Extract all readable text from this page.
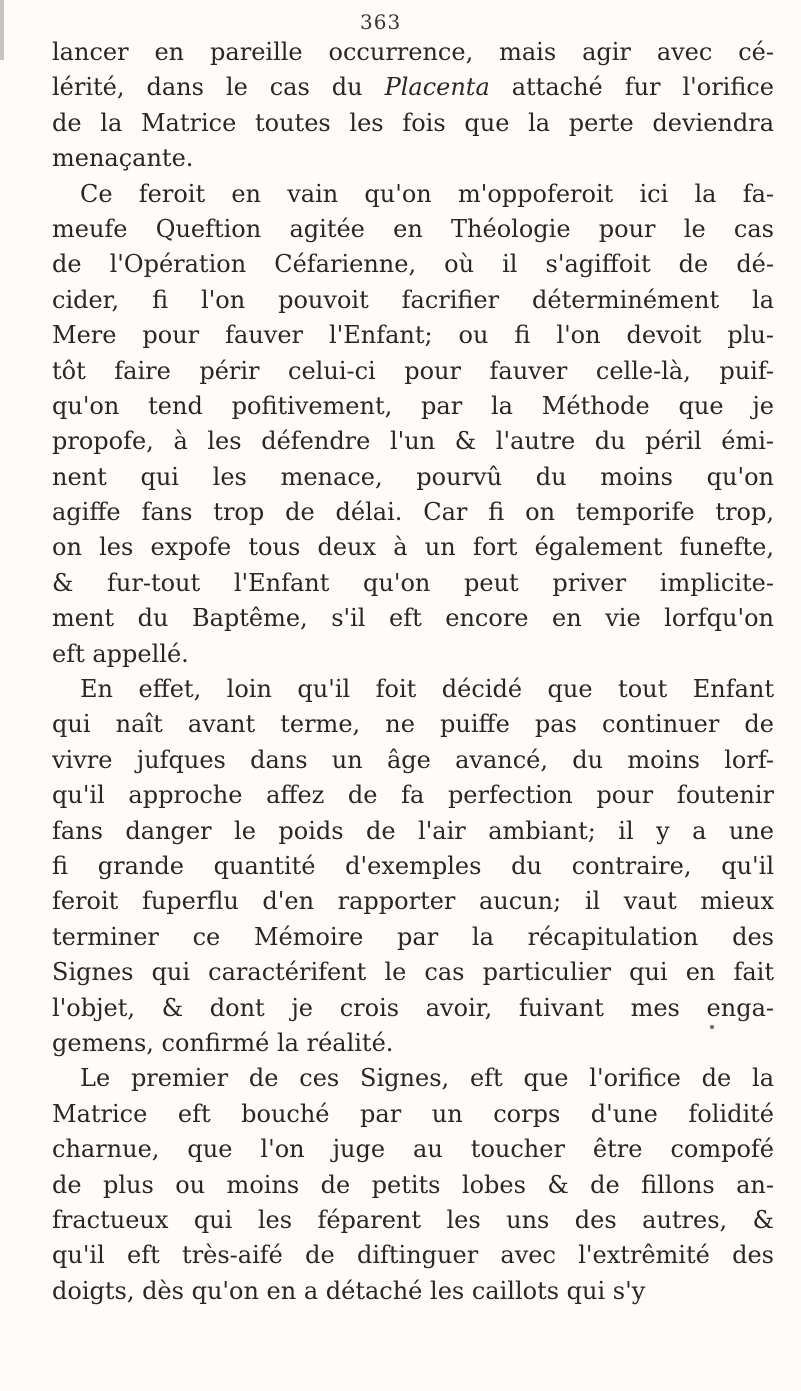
363
lancer en pareille occurrence, mais agir avec cé-
lérité, dans le cas du Placenta attaché fur l'orifice
de la Matrice toutes les fois que la perte deviendra
menaçante.
Ce feroit en vain qu'on m'oppoferoit ici la fa-
meufe Queftion agitée en Théologie pour le cas
de l'Opération Céfarienne, où il s'agiffoit de dé-
cider, fi l'on pouvoit facrifier déterminément la
Mere pour fauver l'Enfant; ou fi l'on devoit plu-
tôt faire périr celui-ci pour fauver celle-là, puif-
qu'on tend pofitivement, par la Méthode que je
propofe, à les défendre l'un & l'autre du péril émi-
nent qui les menace, pourvû du moins qu'on
agiffe fans trop de délai. Car fi on temporife trop,
on les expofe tous deux à un fort également funefte,
& fur-tout l'Enfant qu'on peut priver implicite-
ment du Baptême, s'il eft encore en vie lorfqu'on
eft appellé.
En effet, loin qu'il foit décidé que tout Enfant
qui naît avant terme, ne puiffe pas continuer de
vivre jufques dans un âge avancé, du moins lorf-
qu'il approche affez de fa perfection pour foutenir
fans danger le poids de l'air ambiant; il y a une
fi grande quantité d'exemples du contraire, qu'il
feroit fuperflu d'en rapporter aucun; il vaut mieux
terminer ce Mémoire par la récapitulation des
Signes qui caractérifent le cas particulier qui en fait
l'objet, & dont je crois avoir, fuivant mes enga-
gemens, confirmé la réalité.
Le premier de ces Signes, eft que l'orifice de la
Matrice eft bouché par un corps d'une folidité
charnue, que l'on juge au toucher être compofé
de plus ou moins de petits lobes & de fillons an-
fractueux qui les féparent les uns des autres, &
qu'il eft très-aifé de diftinguer avec l'extrêmité des
doigts, dès qu'on en a détaché les caillots qui s'y
